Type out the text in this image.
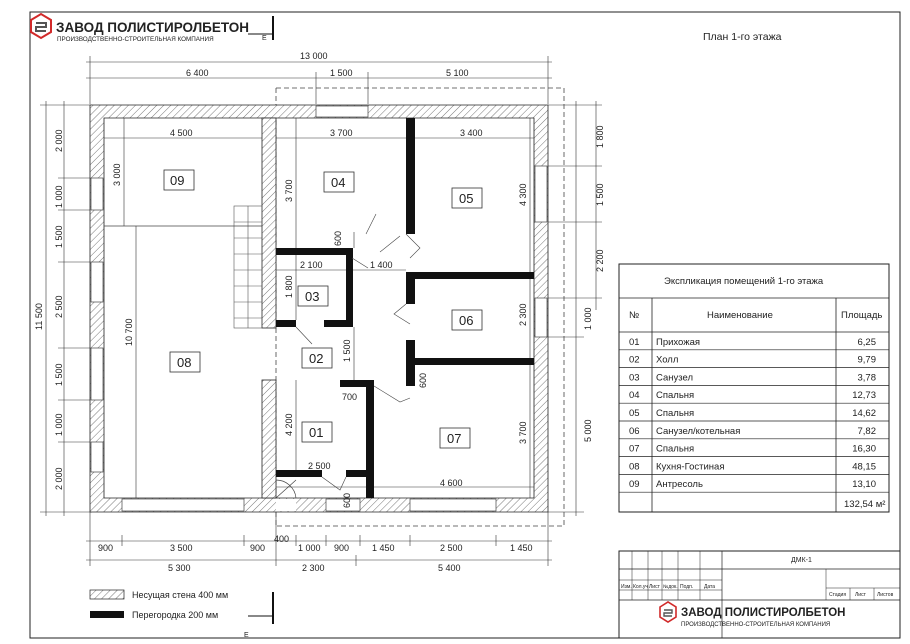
ЗАВОД ПОЛИСТИРОЛБЕТОН
ПРОИЗВОДСТВЕННО-СТРОИТЕЛЬНАЯ КОМПАНИЯ	Е
Е
План 1-го этажа
13 000
6 400	1 500	5 100
4 500	3 700	3 400
3 000
10 700
3 700	4 300
600
2 100	1 400
1 800
2 300
1 500
600
700
4 200	3 700
2 500
4 600
600
400
11 500
2 000
1 000
1 500
2 500
1 500
1 000
2 000
1 800
1 500
2 200
1 000
5 000
900	3 500	900	1 000 900	1 450	2 500	1 450
5 300	2 300	5 400
09
08
04
05
03
06
02
01	07
Несущая стена 400 мм
Перегородка 200 мм
Экспликация помещений 1-го этажа
№	Наименование	Площадь
01 Прихожая	6,25
02 Холл	9,79
03 Санузел	3,78
04 Спальня	12,73
05 Спальня	14,62
06 Санузел/котельная	7,82
07 Спальня	16,30
08 Кухня-Гостиная	48,15
09 Антресоль	13,10
132,54 м²
ДМК-1
Изм. Кол.уч Лист №док. Подп. Дата
Стадия Лист Листов
ЗАВОД ПОЛИСТИРОЛБЕТОН
ПРОИЗВОДСТВЕННО-СТРОИТЕЛЬНАЯ КОМПАНИЯ
